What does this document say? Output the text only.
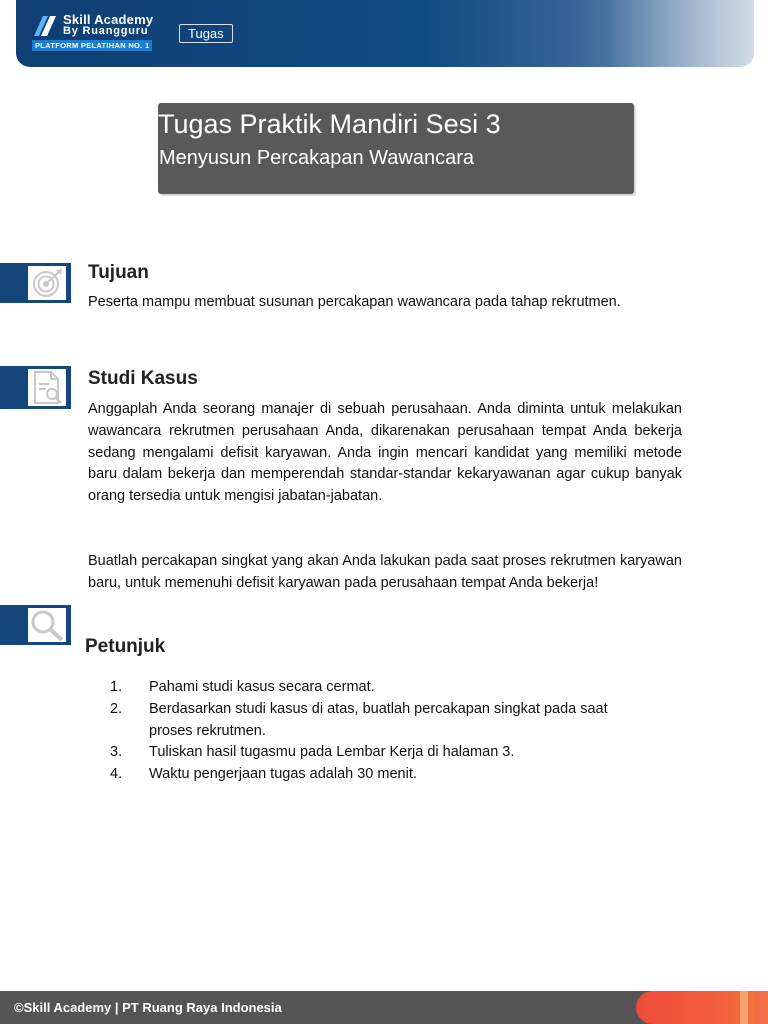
Skill Academy
By Ruangguru
PLATFORM PELATIHAN NO. 1
Tugas
Tugas Praktik Mandiri Sesi 3
Menyusun Percakapan Wawancara
Tujuan
Peserta mampu membuat susunan percakapan wawancara pada tahap rekrutmen.
Studi Kasus
Anggaplah Anda seorang manajer di sebuah perusahaan. Anda diminta untuk melakukan wawancara rekrutmen perusahaan Anda, dikarenakan perusahaan tempat Anda bekerja sedang mengalami defisit karyawan. Anda ingin mencari kandidat yang memiliki metode baru dalam bekerja dan memperendah standar-standar kekaryawanan agar cukup banyak orang tersedia untuk mengisi jabatan-jabatan.
Buatlah percakapan singkat yang akan Anda lakukan pada saat proses rekrutmen karyawan baru, untuk memenuhi defisit karyawan pada perusahaan tempat Anda bekerja!
Petunjuk
1. Pahami studi kasus secara cermat.
2. Berdasarkan studi kasus di atas, buatlah percakapan singkat pada saat proses rekrutmen.
3. Tuliskan hasil tugasmu pada Lembar Kerja di halaman 3.
4. Waktu pengerjaan tugas adalah 30 menit.
©Skill Academy | PT Ruang Raya Indonesia
